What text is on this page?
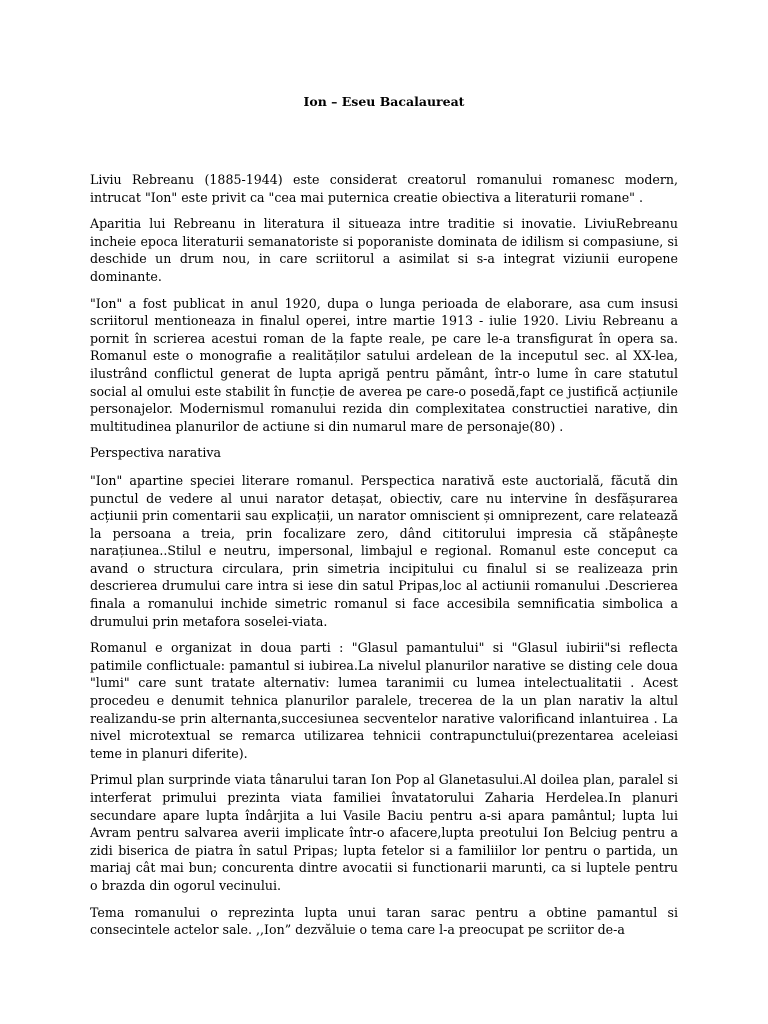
Ion – Eseu Bacalaureat

Liviu Rebreanu (1885-1944) este considerat creatorul romanului romanesc modern, intrucat "Ion" este privit ca "cea mai puternica creatie obiectiva a literaturii romane" .

Aparitia lui Rebreanu in literatura il situeaza intre traditie si inovatie. LiviuRebreanu incheie epoca literaturii semanatoriste si poporaniste dominata de idilism si compasiune, si deschide un drum nou, in care scriitorul a asimilat si s-a integrat viziunii europene dominante.

"Ion" a fost publicat in anul 1920, dupa o lunga perioada de elaborare, asa cum insusi scriitorul mentioneaza in finalul operei, intre martie 1913 - iulie 1920. Liviu Rebreanu a pornit în scrierea acestui roman de la fapte reale, pe care le-a transfigurat în opera sa. Romanul este o monografie a realităților satului ardelean de la inceputul sec. al XX-lea, ilustrând conflictul generat de lupta aprigă pentru pământ, într-o lume în care statutul social al omului este stabilit în funcție de averea pe care-o posedă,fapt ce justifică acțiunile personajelor. Modernismul romanului rezida din complexitatea constructiei narative, din multitudinea planurilor de actiune si din numarul mare de personaje(80) .

Perspectiva narativa

"Ion" apartine speciei literare romanul. Perspectica narativă este auctorială, făcută din punctul de vedere al unui narator detașat, obiectiv, care nu intervine în desfășurarea acțiunii prin comentarii sau explicații, un narator omniscient și omniprezent, care relatează la persoana a treia, prin focalizare zero, dând cititorului impresia că stăpânește narațiunea..Stilul e neutru, impersonal, limbajul e regional. Romanul este conceput ca avand o structura circulara, prin simetria incipitului cu finalul si se realizeaza prin descrierea drumului care intra si iese din satul Pripas,loc al actiunii romanului .Descrierea finala a romanului inchide simetric romanul si face accesibila semnificatia simbolica a drumului prin metafora soselei-viata.

Romanul e organizat in doua parti : "Glasul pamantului" si "Glasul iubirii"si reflecta patimile conflictuale: pamantul si iubirea.La nivelul planurilor narative se disting cele doua "lumi" care sunt tratate alternativ: lumea taranimii cu lumea intelectualitatii . Acest procedeu e denumit tehnica planurilor paralele, trecerea de la un plan narativ la altul realizandu-se prin alternanta,succesiunea secventelor narative valorificand inlantuirea . La nivel microtextual se remarca utilizarea tehnicii contrapunctului(prezentarea aceleiasi teme in planuri diferite).

Primul plan surprinde viata tânarului taran Ion Pop al Glanetasului.Al doilea plan, paralel si interferat primului prezinta viata familiei învatatorului Zaharia Herdelea.In planuri secundare apare lupta îndârjita a lui Vasile Baciu pentru a-si apara pamântul; lupta lui Avram pentru salvarea averii implicate într-o afacere,lupta preotului Ion Belciug pentru a zidi biserica de piatra în satul Pripas; lupta fetelor si a familiilor lor pentru o partida, un mariaj cât mai bun; concurenta dintre avocatii si functionarii marunti, ca si luptele pentru o brazda din ogorul vecinului.

Tema romanului o reprezinta lupta unui taran sarac pentru a obtine pamantul si consecintele actelor sale. ,,Ion” dezvăluie o tema care l-a preocupat pe scriitor de-a
